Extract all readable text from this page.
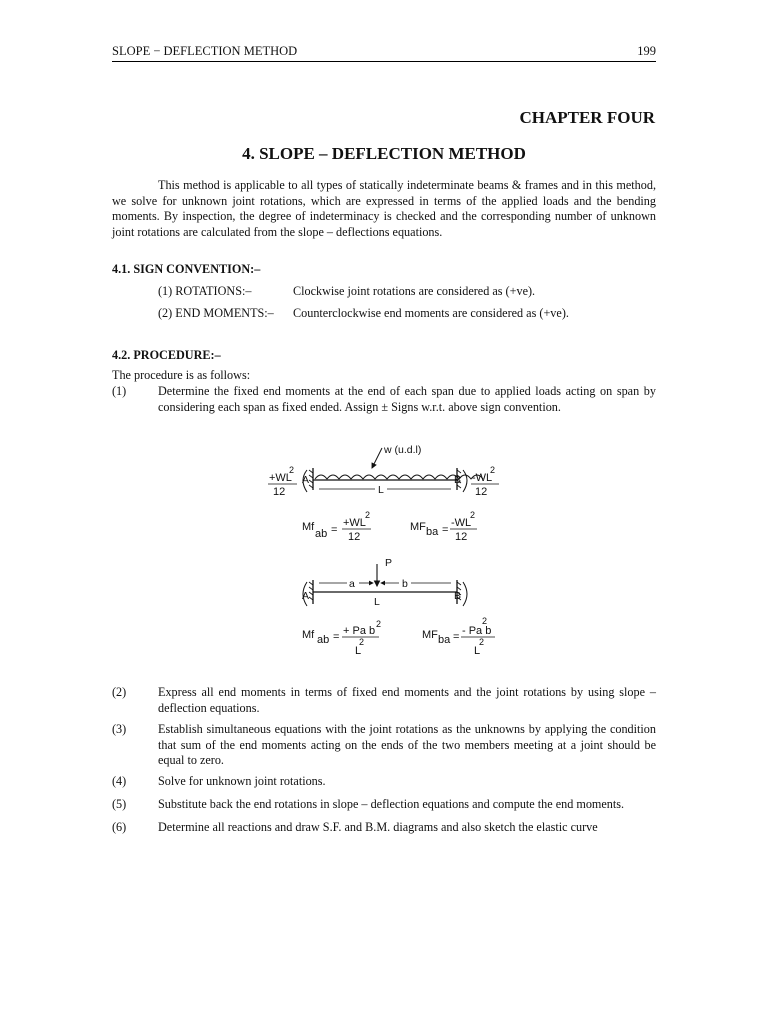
SLOPE − DEFLECTION METHOD	199
CHAPTER FOUR
4. SLOPE – DEFLECTION METHOD
This method is applicable to all types of statically indeterminate beams & frames and in this method, we solve for unknown joint rotations, which are expressed in terms of the applied loads and the bending moments. By inspection, the degree of indeterminacy is checked and the corresponding number of unknown joint rotations are calculated from the slope – deflections equations.
4.1. SIGN CONVENTION:–
(1) ROTATIONS:–	Clockwise joint rotations are considered as (+ve).
(2) END MOMENTS:– Counterclockwise end moments are considered as (+ve).
4.2. PROCEDURE:–
The procedure is as follows:
(1)	Determine the fixed end moments at the end of each span due to applied loads acting on span by considering each span as fixed ended. Assign ± Signs w.r.t. above sign convention.
w (u.d.l)
A	B
L
+WL
2
12
-WL
2
12
Mf
ab =
+WL
2
12
MF ba =
-WL
2
12
P
a	b
A	B
L
Mf ab = + Pa b
2
2
L
MF ba =
2
- Pa b
2
L
(2)	Express all end moments in terms of fixed end moments and the joint rotations by using slope – deflection equations.
(3)	Establish simultaneous equations with the joint rotations as the unknowns by applying the condition that sum of the end moments acting on the ends of the two members meeting at a joint should be equal to zero.
(4)	Solve for unknown joint rotations.
(5)	Substitute back the end rotations in slope – deflection equations and compute the end moments.
(6)	Determine all reactions and draw S.F. and B.M. diagrams and also sketch the elastic curve
